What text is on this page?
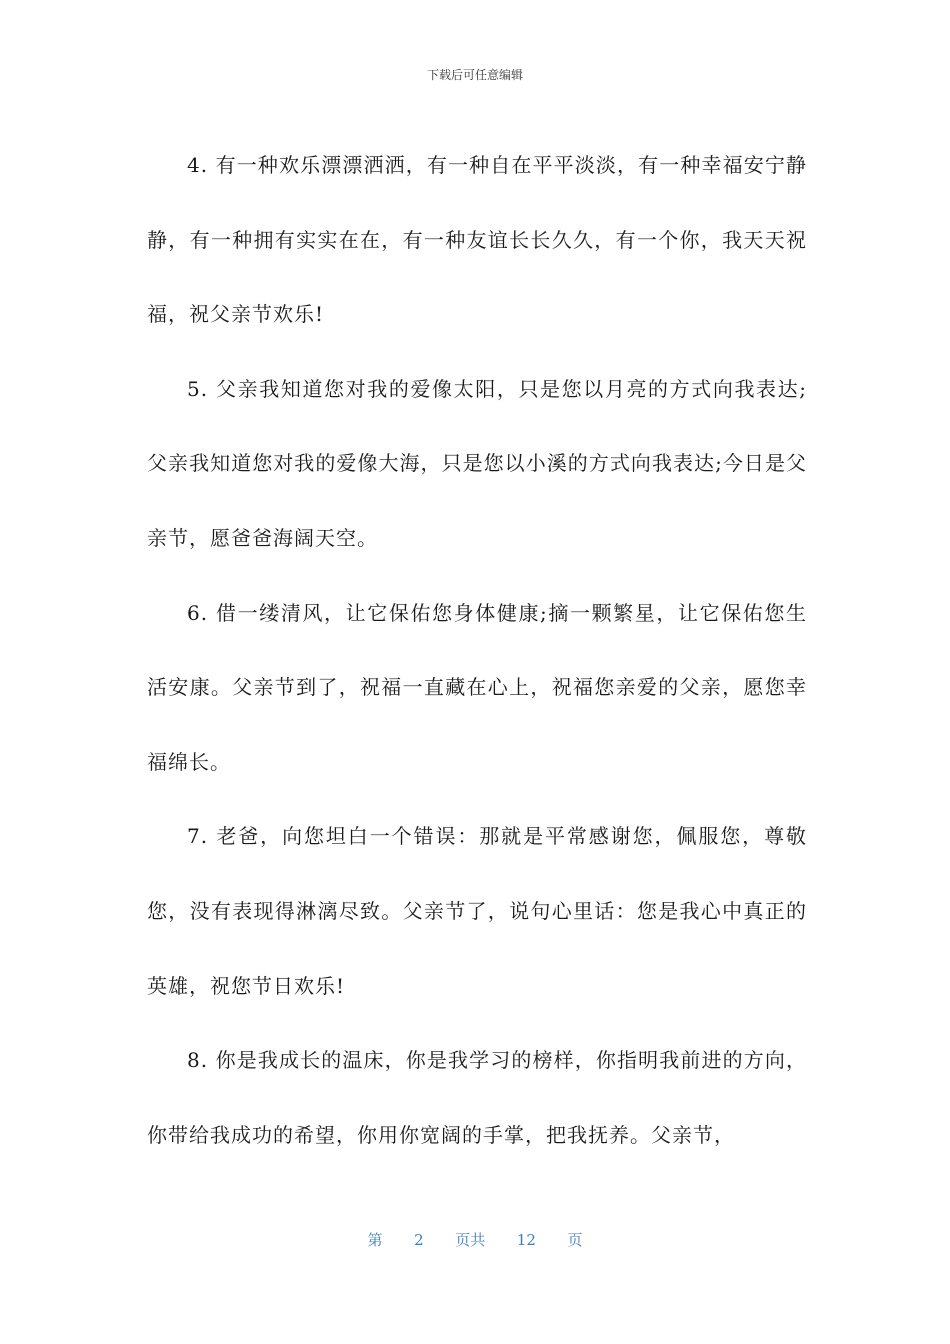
下载后可任意编辑

4. 有一种欢乐漂漂洒洒，有一种自在平平淡淡，有一种幸福安宁静静，有一种拥有实实在在，有一种友谊长长久久，有一个你，我天天祝福，祝父亲节欢乐!

5. 父亲我知道您对我的爱像太阳，只是您以月亮的方式向我表达;父亲我知道您对我的爱像大海，只是您以小溪的方式向我表达;今日是父亲节，愿爸爸海阔天空。

6. 借一缕清风，让它保佑您身体健康;摘一颗繁星，让它保佑您生活安康。父亲节到了，祝福一直藏在心上，祝福您亲爱的父亲，愿您幸福绵长。

7. 老爸，向您坦白一个错误：那就是平常感谢您，佩服您，尊敬您，没有表现得淋漓尽致。父亲节了，说句心里话：您是我心中真正的英雄，祝您节日欢乐!

8. 你是我成长的温床，你是我学习的榜样，你指明我前进的方向，你带给我成功的希望，你用你宽阔的手掌，把我抚养。父亲节，

第 2 页共 12 页
